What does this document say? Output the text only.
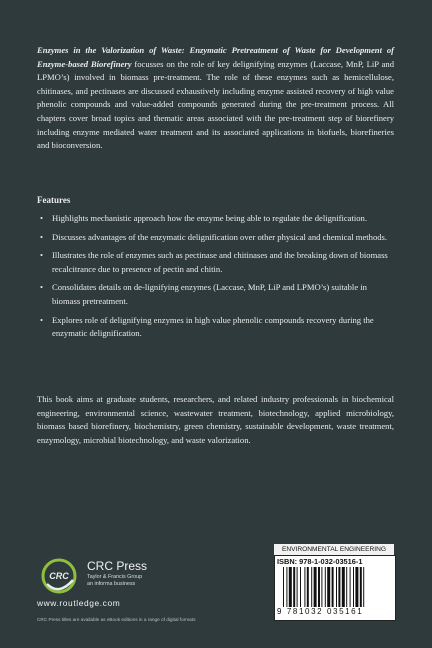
Enzymes in the Valorization of Waste: Enzymatic Pretreatment of Waste for Development of Enzyme-based Biorefinery focusses on the role of key delignifying enzymes (Laccase, MnP, LiP and LPMO’s) involved in biomass pre-treatment. The role of these enzymes such as hemicellulose, chitinases, and pectinases are discussed exhaustively including enzyme assisted recovery of high value phenolic compounds and value-added compounds generated during the pre-treatment process. All chapters cover broad topics and thematic areas associated with the pre-treatment step of biorefinery including enzyme mediated water treatment and its associated applications in biofuels, biorefineries and bioconversion.
Features
• Highlights mechanistic approach how the enzyme being able to regulate the delignification.
• Discusses advantages of the enzymatic delignification over other physical and chemical methods.
• Illustrates the role of enzymes such as pectinase and chitinases and the breaking down of biomass recalcitrance due to presence of pectin and chitin.
• Consolidates details on de-lignifying enzymes (Laccase, MnP, LiP and LPMO’s) suitable in biomass pretreatment.
• Explores role of delignifying enzymes in high value phenolic compounds recovery during the enzymatic delignification.
This book aims at graduate students, researchers, and related industry professionals in biochemical engineering, environmental science, wastewater treatment, biotechnology, applied microbiology, biomass based biorefinery, biochemistry, green chemistry, sustainable development, waste treatment, enzymology, microbial biotechnology, and waste valorization.
CRC
CRC Press
Taylor & Francis Group
an informa business
www.routledge.com
CRC Press titles are available as eBook editions in a range of digital formats
ENVIRONMENTAL ENGINEERING
ISBN: 978-1-032-03516-1
9 781032 035161
